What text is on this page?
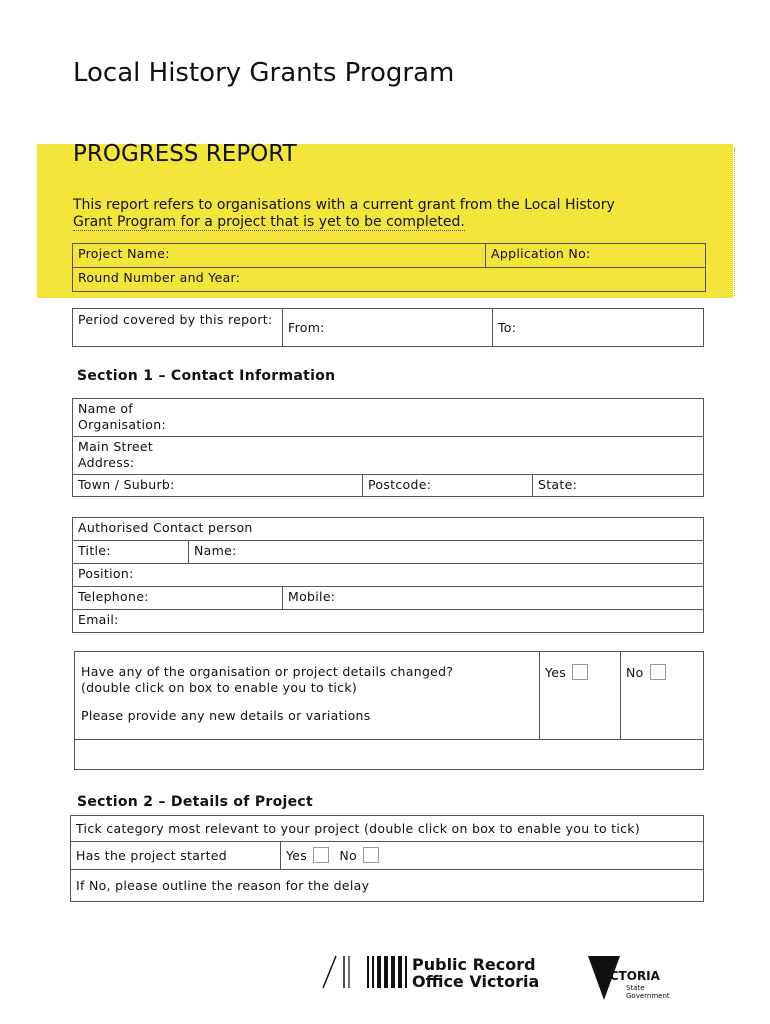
Local History Grants Program
PROGRESS REPORT
This report refers to organisations with a current grant from the Local History
Grant Program for a project that is yet to be completed.
Project Name:	Application No:
Round Number and Year:
Period covered by this report:	From:	To:
Section 1 – Contact Information
Name of Organisation:

Main Street Address:

Town / Suburb:	Postcode:	State:
Authorised Contact person		
Title:	Name:	
Position:		
Telephone:		Mobile:
Email:		
Have any of the organisation or project details changed?
(double click on box to enable you to tick)
Please provide any new details or variations
	Yes	No

Section 2 – Details of Project
Tick category most relevant to your project (double click on box to enable you to tick)
Has the project started	Yes	No
If No, please outline the reason for the delay
Public Record
Office Victoria	VICTORIA
State
Government
